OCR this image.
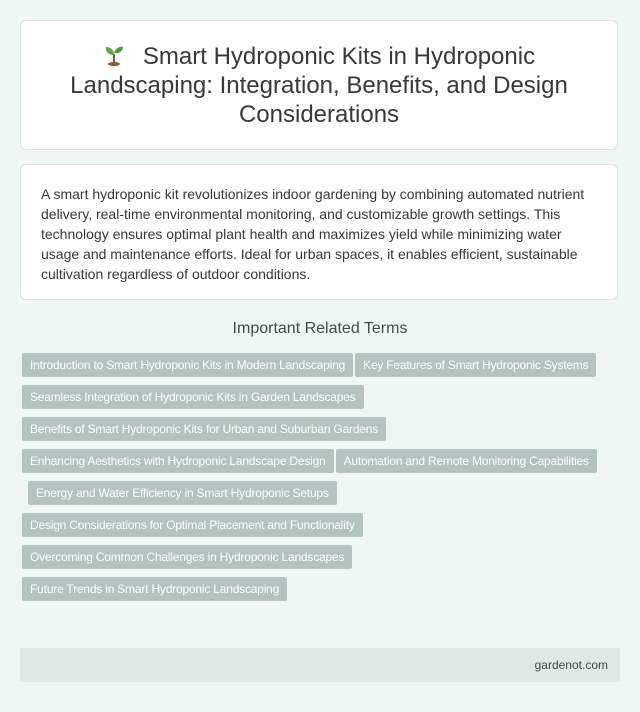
Smart Hydroponic Kits in Hydroponic Landscaping: Integration, Benefits, and Design Considerations

A smart hydroponic kit revolutionizes indoor gardening by combining automated nutrient delivery, real-time environmental monitoring, and customizable growth settings. This technology ensures optimal plant health and maximizes yield while minimizing water usage and maintenance efforts. Ideal for urban spaces, it enables efficient, sustainable cultivation regardless of outdoor conditions.

Important Related Terms
Introduction to Smart Hydroponic Kits in Modern Landscaping	Key Features of Smart Hydroponic Systems
Seamless Integration of Hydroponic Kits in Garden Landscapes
Benefits of Smart Hydroponic Kits for Urban and Suburban Gardens
Enhancing Aesthetics with Hydroponic Landscape Design	Automation and Remote Monitoring Capabilities
Energy and Water Efficiency in Smart Hydroponic Setups
Design Considerations for Optimal Placement and Functionality
Overcoming Common Challenges in Hydroponic Landscapes
Future Trends in Smart Hydroponic Landscaping
gardenot.com
